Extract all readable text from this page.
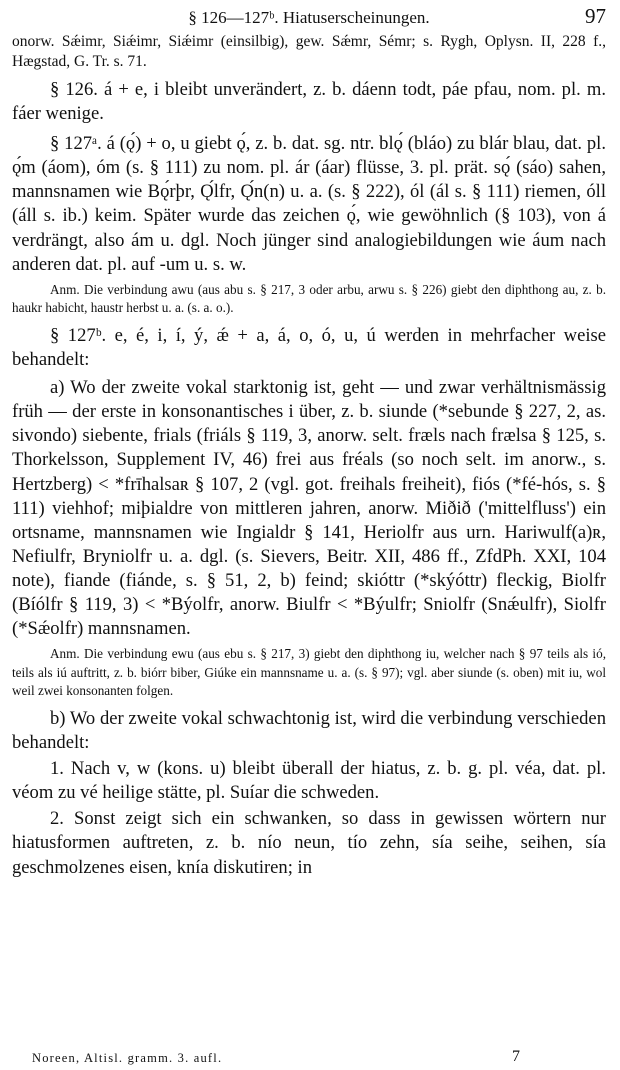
§ 126—127ᵇ. Hiatuserscheinungen.	97

onorw. Sǽimr, Siǽimr, Siǽimr (einsilbig), gew. Sǽmr, Sémr; s. Rygh, Oplysn. II, 228 f., Hægstad, G. Tr. s. 71.

§ 126. á + e, i bleibt unverändert, z. b. dáenn todt, páe pfau, nom. pl. m. fáer wenige.

§ 127ᵃ. á (ǫ́) + o, u giebt ǫ́, z. b. dat. sg. ntr. blǫ́ (bláo) zu blár blau, dat. pl. ǫ́m (áom), óm (s. § 111) zu nom. pl. ár (áar) flüsse, 3. pl. prät. sǫ́ (sáo) sahen, mannsnamen wie Bǫ́rþr, Ǫ́lfr, Ǫ́n(n) u. a. (s. § 222), ól (ál s. § 111) riemen, óll (áll s. ib.) keim. Später wurde das zeichen ǫ́, wie gewöhnlich (§ 103), von á verdrängt, also ám u. dgl. Noch jünger sind analogiebildungen wie áum nach anderen dat. pl. auf -um u. s. w.

Anm. Die verbindung awu (aus abu s. § 217, 3 oder arbu, arwu s. § 226) giebt den diphthong au, z. b. haukr habicht, haustr herbst u. a. (s. a. o.).

§ 127ᵇ. e, é, i, í, ý, ǽ + a, á, o, ó, u, ú werden in mehrfacher weise behandelt:

a) Wo der zweite vokal starktonig ist, geht — und zwar verhältnismässig früh — der erste in konsonantisches i über, z. b. siunde (*sebunde § 227, 2, as. sivondo) siebente, frials (friáls § 119, 3, anorw. selt. fræls nach frælsa § 125, s. Thorkelsson, Supplement IV, 46) frei aus fréals (so noch selt. im anorw., s. Hertzberg) < *frīhalsaʀ § 107, 2 (vgl. got. freihals freiheit), fiós (*fé-hós, s. § 111) viehhof; miþialdre von mittleren jahren, anorw. Miðið ('mittelfluss') ein ortsname, mannsnamen wie Ingialdr § 141, Heriolfr aus urn. Hariwulf(a)ʀ, Nefiulfr, Bryniolfr u. a. dgl. (s. Sievers, Beitr. XII, 486 ff., ZfdPh. XXI, 104 note), fiande (fiánde, s. § 51, 2, b) feind; skióttr (*skýóttr) fleckig, Biolfr (Bíólfr § 119, 3) < *Býolfr, anorw. Biulfr < *Býulfr; Sniolfr (Snǽulfr), Siolfr (*Sǽolfr) mannsnamen.

Anm. Die verbindung ewu (aus ebu s. § 217, 3) giebt den diphthong iu, welcher nach § 97 teils als ió, teils als iú auftritt, z. b. biórr biber, Giúke ein mannsname u. a. (s. § 97); vgl. aber siunde (s. oben) mit iu, wol weil zwei konsonanten folgen.

b) Wo der zweite vokal schwachtonig ist, wird die verbindung verschieden behandelt:

1. Nach v, w (kons. u) bleibt überall der hiatus, z. b. g. pl. véa, dat. pl. véom zu vé heilige stätte, pl. Suíar die schweden.

2. Sonst zeigt sich ein schwanken, so dass in gewissen wörtern nur hiatusformen auftreten, z. b. nío neun, tío zehn, sía seihe, seihen, sía geschmolzenes eisen, knía diskutiren; in

Noreen, Altisl. gramm. 3. aufl.	7
